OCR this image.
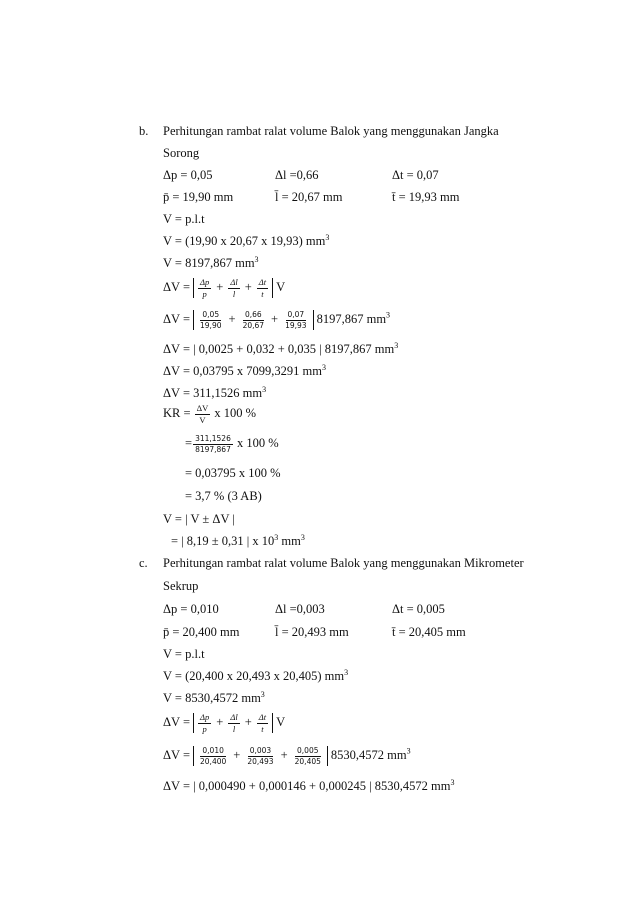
b. Perhitungan rambat ralat volume Balok yang menggunakan Jangka
Sorong
Δp = 0,05	Δl =0,66	Δt = 0,07
p̄ = 19,90 mm	l̄ = 20,67 mm	t̄ = 19,93 mm
V = p.l.t
V = (19,90 x 20,67 x 19,93) $mm^3$
V = 8197,867 $mm^3$
$\Delta V = \frac{\Delta p}{p} + \frac{\Delta l}{l} + \frac{\Delta t}{t}$ V
$\Delta V = \frac{0,05}{19,90} + \frac{0,66}{20,67} + \frac{0,07}{19,93} 8197,867$ $mm^3$
ΔV = | 0,0025 + 0,032 + 0,035 | 8197,867 $mm^3$
ΔV = 0,03795 x 7099,3291 $mm^3$
ΔV = 311,1526 $mm^3$
KR = $\frac{\Delta V}{V}$ x 100 %
= $\frac{311,1526}{8197,867}$ x 100 %
= 0,03795 x 100 %
= 3,7 % (3 AB)
V = | V ± ΔV |
= | 8,19 ± 0,31 | x $10^3$ $mm^3$
c. Perhitungan rambat ralat volume Balok yang menggunakan Mikrometer
Sekrup
Δp = 0,010	Δl =0,003	Δt = 0,005
p̄ = 20,400 mm	l̄ = 20,493 mm	t̄ = 20,405 mm
V = p.l.t
V = (20,400 x 20,493 x 20,405) $mm^3$
V = 8530,4572 $mm^3$
$\Delta V = \frac{\Delta p}{p} + \frac{\Delta l}{l} + \frac{\Delta t}{t}$ V
$\Delta V = \frac{0,010}{20,400} + \frac{0,003}{20,493} + \frac{0,005}{20,405} 8530,4572$ $mm^3$
ΔV = | 0,000490 + 0,000146 + 0,000245 | 8530,4572 $mm^3$
